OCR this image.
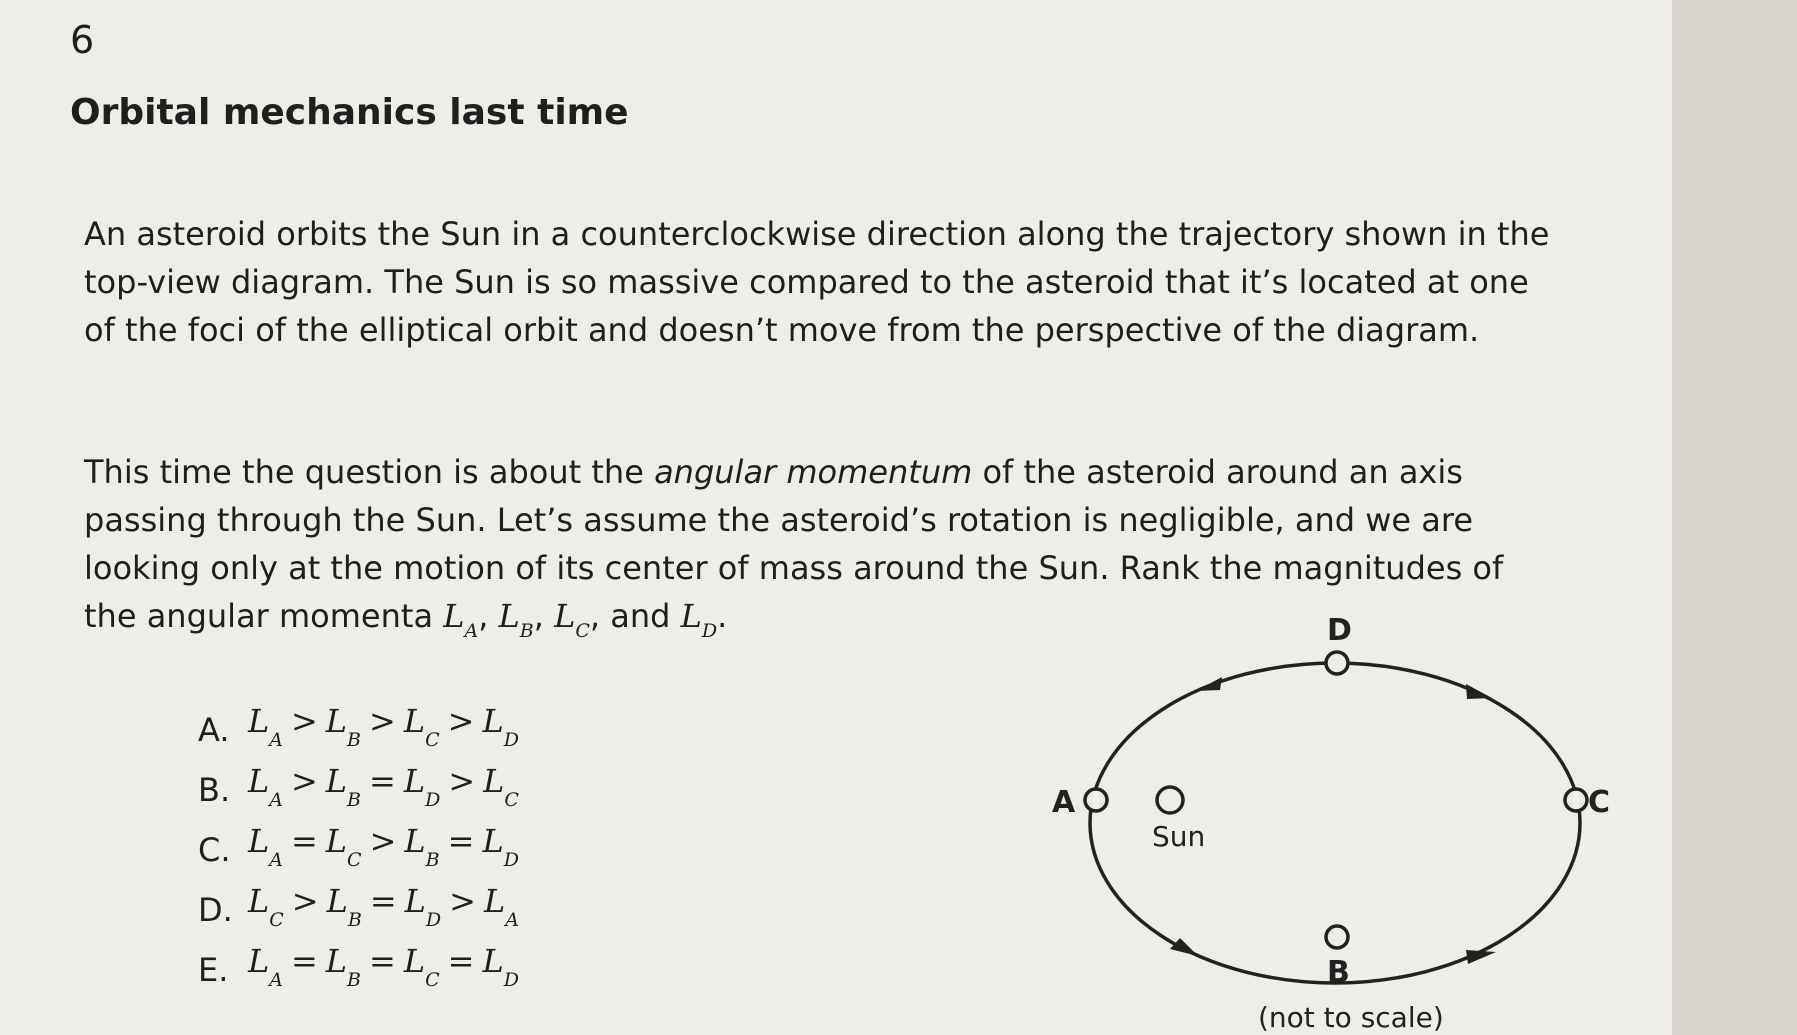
6
Orbital mechanics last time
An asteroid orbits the Sun in a counterclockwise direction along the trajectory shown in the top-view diagram. The Sun is so massive compared to the asteroid that it’s located at one of the foci of the elliptical orbit and doesn’t move from the perspective of the diagram.
This time the question is about the angular momentum of the asteroid around an axis passing through the Sun. Let’s assume the asteroid’s rotation is negligible, and we are looking only at the motion of its center of mass around the Sun. Rank the magnitudes of the angular momenta $L_A$, $L_B$, $L_C$, and $L_D$.
A. $L_A > L_B > L_C > L_D$
B. $L_A > L_B = L_D > L_C$
C. $L_A = L_C > L_B = L_D$
D. $L_C > L_B = L_D > L_A$
E. $L_A = L_B = L_C = L_D$
A	C
D
B
Sun
(not to scale)
